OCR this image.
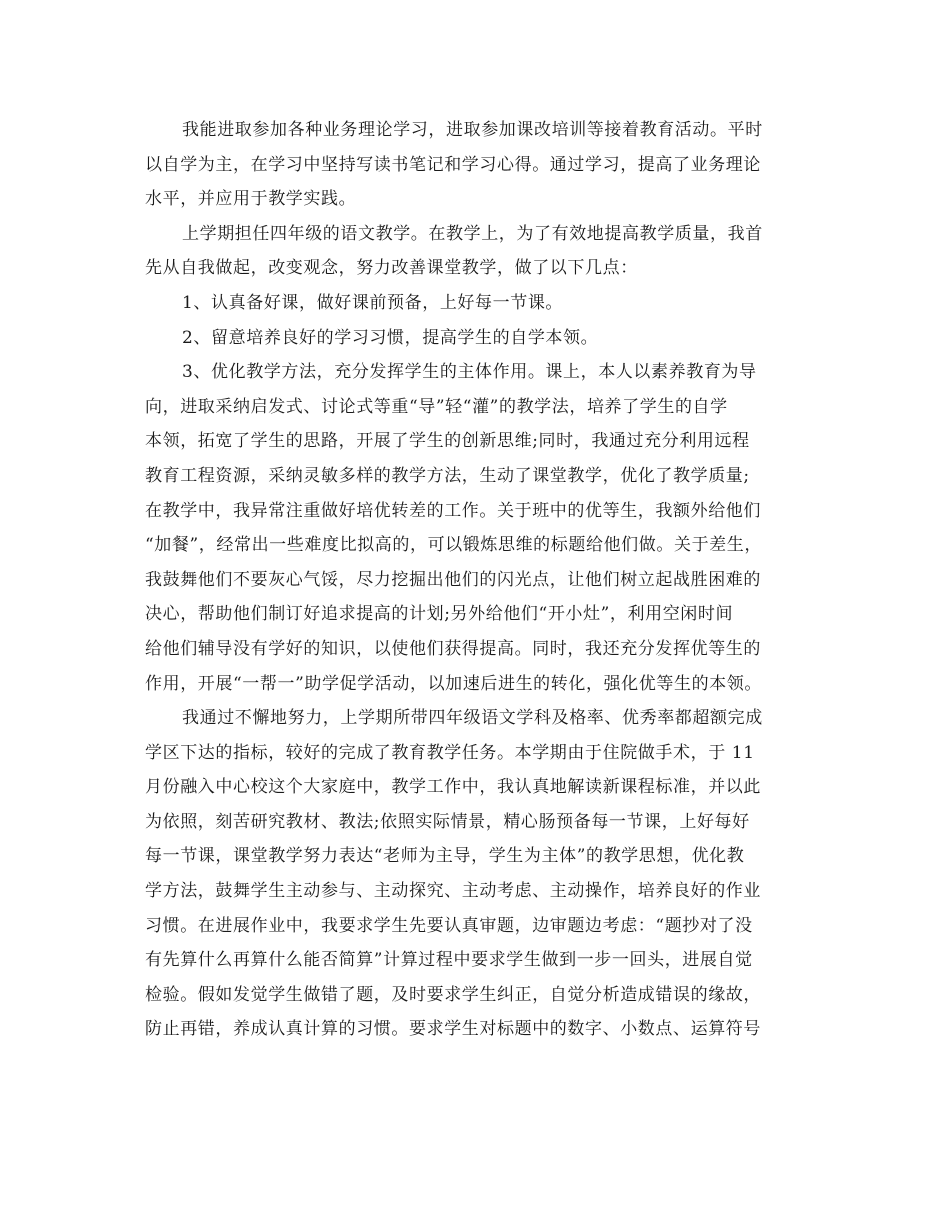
我能进取参加各种业务理论学习，进取参加课改培训等接着教育活动。平时
以自学为主，在学习中坚持写读书笔记和学习心得。通过学习，提高了业务理论
水平，并应用于教学实践。
上学期担任四年级的语文教学。在教学上，为了有效地提高教学质量，我首
先从自我做起，改变观念，努力改善课堂教学，做了以下几点：
1、认真备好课，做好课前预备，上好每一节课。
2、留意培养良好的学习习惯，提高学生的自学本领。
3、优化教学方法，充分发挥学生的主体作用。课上，本人以素养教育为导
向，进取采纳启发式、讨论式等重“导”轻“灌”的教学法，培养了学生的自学
本领，拓宽了学生的思路，开展了学生的创新思维;同时，我通过充分利用远程
教育工程资源，采纳灵敏多样的教学方法，生动了课堂教学，优化了教学质量;
在教学中，我异常注重做好培优转差的工作。关于班中的优等生，我额外给他们
“加餐”，经常出一些难度比拟高的，可以锻炼思维的标题给他们做。关于差生，
我鼓舞他们不要灰心气馁，尽力挖掘出他们的闪光点，让他们树立起战胜困难的
决心，帮助他们制订好追求提高的计划;另外给他们“开小灶”，利用空闲时间
给他们辅导没有学好的知识，以使他们获得提高。同时，我还充分发挥优等生的
作用，开展“一帮一”助学促学活动，以加速后进生的转化，强化优等生的本领。
我通过不懈地努力，上学期所带四年级语文学科及格率、优秀率都超额完成
学区下达的指标，较好的完成了教育教学任务。本学期由于住院做手术，于 11
月份融入中心校这个大家庭中，教学工作中，我认真地解读新课程标准，并以此
为依照，刻苦研究教材、教法;依照实际情景，精心肠预备每一节课，上好每好
每一节课，课堂教学努力表达“老师为主导，学生为主体”的教学思想，优化教
学方法，鼓舞学生主动参与、主动探究、主动考虑、主动操作，培养良好的作业
习惯。在进展作业中，我要求学生先要认真审题，边审题边考虑：“题抄对了没
有先算什么再算什么能否简算”计算过程中要求学生做到一步一回头，进展自觉
检验。假如发觉学生做错了题，及时要求学生纠正，自觉分析造成错误的缘故，
防止再错，养成认真计算的习惯。要求学生对标题中的数字、小数点、运算符号
